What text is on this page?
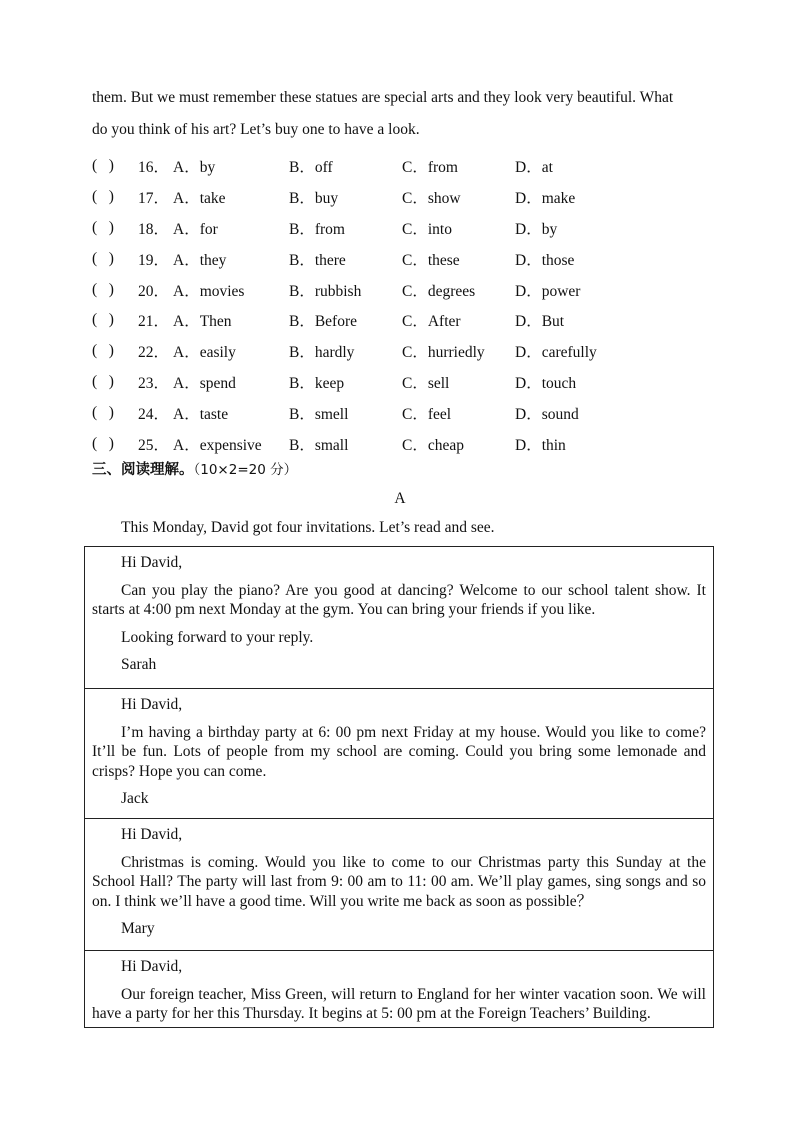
them. But we must remember these statues are special arts and they look very beautiful. What
do you think of his art? Let’s buy one to have a look.
(   ) 16． A．by	B．off	C．from	D．at
(   ) 17． A．take	B．buy	C．show	D．make
(   ) 18． A．for	B．from	C．into	D．by
(   ) 19． A．they	B．there	C．these	D．those
(   ) 20． A．movies	B．rubbish	C．degrees	D．power
(   ) 21． A．Then	B．Before	C．After	D．But
(   ) 22． A．easily	B．hardly	C．hurriedly D．carefully
(   ) 23． A．spend	B．keep	C．sell	D．touch
(   ) 24． A．taste	B．smell	C．feel	D．sound
(   ) 25． A．expensive B．small	C．cheap	D．thin
三、阅读理解。（10×2=20 分）
A
This Monday, David got four invitations. Let’s read and see.

Hi David,

Can you play the piano? Are you good at dancing? Welcome to our school talent show. It starts at 4:00 pm next Monday at the gym. You can bring your friends if you like.

Looking forward to your reply.

Sarah

Hi David,

I’m having a birthday party at 6: 00 pm next Friday at my house. Would you like to come? It’ll be fun. Lots of people from my school are coming. Could you bring some lemonade and crisps? Hope you can come.

Jack

Hi David,

Christmas is coming. Would you like to come to our Christmas party this Sunday at the School Hall? The party will last from 9: 00 am to 11: 00 am. We’ll play games, sing songs and so on. I think we’ll have a good time. Will you write me back as soon as possible？

Mary

Hi David,

Our foreign teacher, Miss Green, will return to England for her winter vacation soon. We will have a party for her this Thursday. It begins at 5: 00 pm at the Foreign Teachers’ Building.
